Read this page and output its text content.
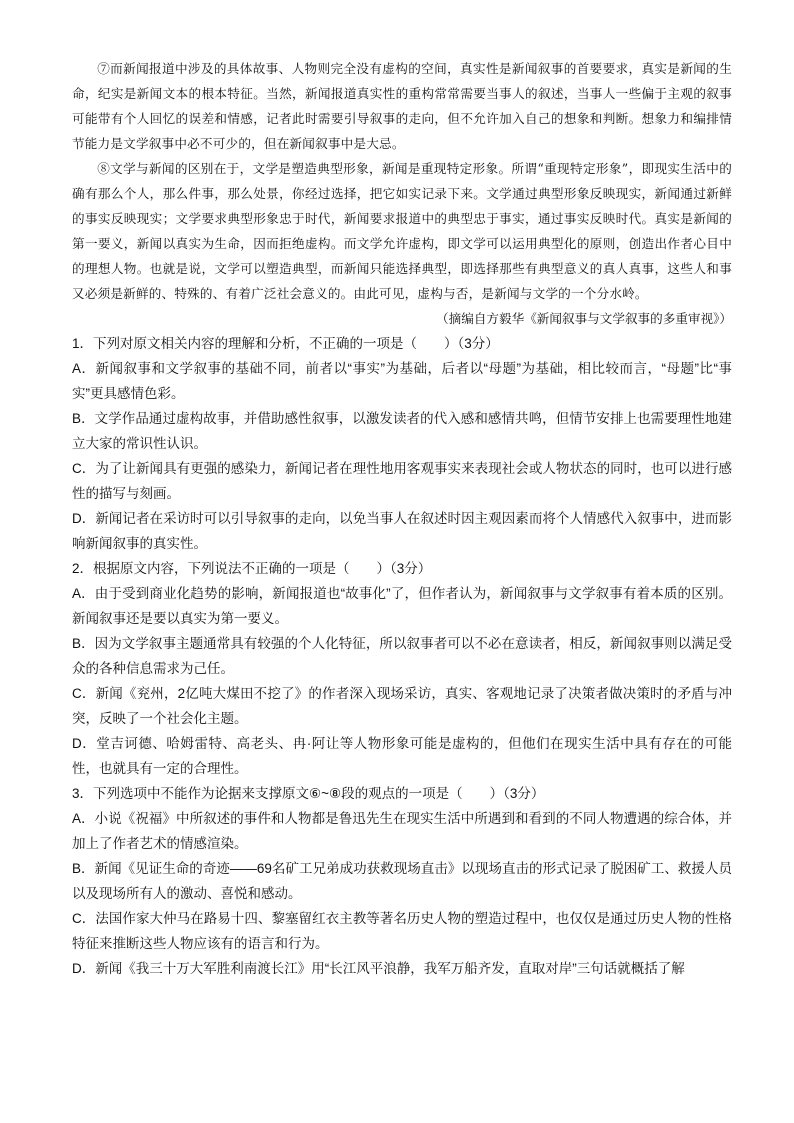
⑦而新闻报道中涉及的具体故事、人物则完全没有虚构的空间，真实性是新闻叙事的首要要求，真实是新闻的生命，纪实是新闻文本的根本特征。当然，新闻报道真实性的重构常常需要当事人的叙述，当事人一些偏于主观的叙事可能带有个人回忆的误差和情感，记者此时需要引导叙事的走向，但不允许加入自己的想象和判断。想象力和编排情节能力是文学叙事中必不可少的，但在新闻叙事中是大忌。

⑧文学与新闻的区别在于，文学是塑造典型形象，新闻是重现特定形象。所谓“重现特定形象”，即现实生活中的确有那么个人，那么件事，那么处景，你经过选择，把它如实记录下来。文学通过典型形象反映现实，新闻通过新鲜的事实反映现实；文学要求典型形象忠于时代，新闻要求报道中的典型忠于事实，通过事实反映时代。真实是新闻的第一要义，新闻以真实为生命，因而拒绝虚构。而文学允许虚构，即文学可以运用典型化的原则，创造出作者心目中的理想人物。也就是说，文学可以塑造典型，而新闻只能选择典型，即选择那些有典型意义的真人真事，这些人和事又必须是新鲜的、特殊的、有着广泛社会意义的。由此可见，虚构与否，是新闻与文学的一个分水岭。

（摘编自方毅华《新闻叙事与文学叙事的多重审视》）

1．下列对原文相关内容的理解和分析，不正确的一项是（　　）（3分）

A．新闻叙事和文学叙事的基础不同，前者以“事实”为基础，后者以“母题”为基础，相比较而言，“母题”比“事实”更具感情色彩。

B．文学作品通过虚构故事，并借助感性叙事，以激发读者的代入感和感情共鸣，但情节安排上也需要理性地建立大家的常识性认识。

C．为了让新闻具有更强的感染力，新闻记者在理性地用客观事实来表现社会或人物状态的同时，也可以进行感性的描写与刻画。

D．新闻记者在采访时可以引导叙事的走向，以免当事人在叙述时因主观因素而将个人情感代入叙事中，进而影响新闻叙事的真实性。

2．根据原文内容，下列说法不正确的一项是（　　）（3分）

A．由于受到商业化趋势的影响，新闻报道也“故事化”了，但作者认为，新闻叙事与文学叙事有着本质的区别。新闻叙事还是要以真实为第一要义。

B．因为文学叙事主题通常具有较强的个人化特征，所以叙事者可以不必在意读者，相反，新闻叙事则以满足受众的各种信息需求为己任。

C．新闻《兖州，2亿吨大煤田不挖了》的作者深入现场采访，真实、客观地记录了决策者做决策时的矛盾与冲突，反映了一个社会化主题。

D．堂吉诃德、哈姆雷特、高老头、冉·阿让等人物形象可能是虚构的，但他们在现实生活中具有存在的可能性，也就具有一定的合理性。

3．下列选项中不能作为论据来支撑原文⑥~⑧段的观点的一项是（　　）（3分）

A．小说《祝福》中所叙述的事件和人物都是鲁迅先生在现实生活中所遇到和看到的不同人物遭遇的综合体，并加上了作者艺术的情感渲染。

B．新闻《见证生命的奇迹——69名矿工兄弟成功获救现场直击》以现场直击的形式记录了脱困矿工、救援人员以及现场所有人的激动、喜悦和感动。

C．法国作家大仲马在路易十四、黎塞留红衣主教等著名历史人物的塑造过程中，也仅仅是通过历史人物的性格特征来推断这些人物应该有的语言和行为。

D．新闻《我三十万大军胜利南渡长江》用“长江风平浪静，我军万船齐发，直取对岸”三句话就概括了解
